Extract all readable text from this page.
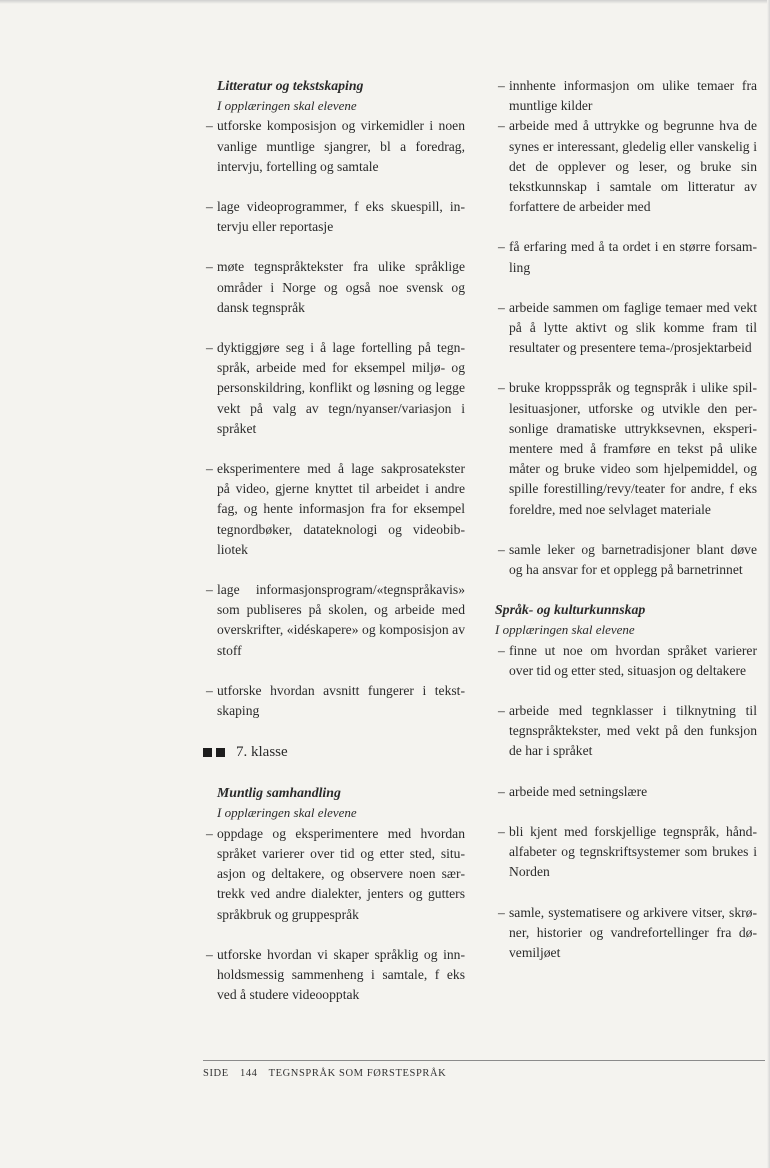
Litteratur og tekstskaping

I opplæringen skal elevene

– utforske komposisjon og virkemidler i noen vanlige muntlige sjangrer, bl a foredrag, intervju, fortelling og samtale
– lage videoprogrammer, f eks skuespill, intervju eller reportasje
– møte tegnspråktekster fra ulike språklige områder i Norge og også noe svensk og dansk tegnspråk
– dyktiggjøre seg i å lage fortelling på tegnspråk, arbeide med for eksempel miljø- og personskildring, konflikt og løsning og legge vekt på valg av tegn/nyanser/variasjon i språket
– eksperimentere med å lage sakprosatekster på video, gjerne knyttet til arbeidet i andre fag, og hente informasjon fra for eksempel tegnordbøker, datateknologi og videobibliotek
– lage informasjonsprogram/«tegnspråkavis» som publiseres på skolen, og arbeide med overskrifter, «idéskapere» og komposisjon av stoff
– utforske hvordan avsnitt fungerer i tekstskaping
7. klasse

Muntlig samhandling

I opplæringen skal elevene

– oppdage og eksperimentere med hvordan språket varierer over tid og etter sted, situasjon og deltakere, og observere noen særtrekk ved andre dialekter, jenters og gutters språkbruk og gruppespråk
– utforske hvordan vi skaper språklig og innholdsmessig sammenheng i samtale, f eks ved å studere videoopptak
– innhente informasjon om ulike temaer fra muntlige kilder
– arbeide med å uttrykke og begrunne hva de synes er interessant, gledelig eller vanskelig i det de opplever og leser, og bruke sin tekstkunnskap i samtale om litteratur av forfattere de arbeider med
– få erfaring med å ta ordet i en større forsamling
– arbeide sammen om faglige temaer med vekt på å lytte aktivt og slik komme fram til resultater og presentere tema-/prosjektarbeid
– bruke kroppsspråk og tegnspråk i ulike spillesituasjoner, utforske og utvikle den personlige dramatiske uttrykksevnen, eksperimentere med å framføre en tekst på ulike måter og bruke video som hjelpemiddel, og spille forestilling/revy/teater for andre, f eks foreldre, med noe selvlaget materiale
– samle leker og barnetradisjoner blant døve og ha ansvar for et opplegg på barnetrinnet

Språk- og kulturkunnskap

I opplæringen skal elevene

– finne ut noe om hvordan språket varierer over tid og etter sted, situasjon og deltakere
– arbeide med tegnklasser i tilknytning til tegnspråktekster, med vekt på den funksjon de har i språket
– arbeide med setningslære
– bli kjent med forskjellige tegnspråk, håndalfabeter og tegnskriftsystemer som brukes i Norden
– samle, systematisere og arkivere vitser, skrøner, historier og vandrefortellinger fra døvemiljøet
SIDE 144 TEGNSPRÅK SOM FØRSTESPRÅK
